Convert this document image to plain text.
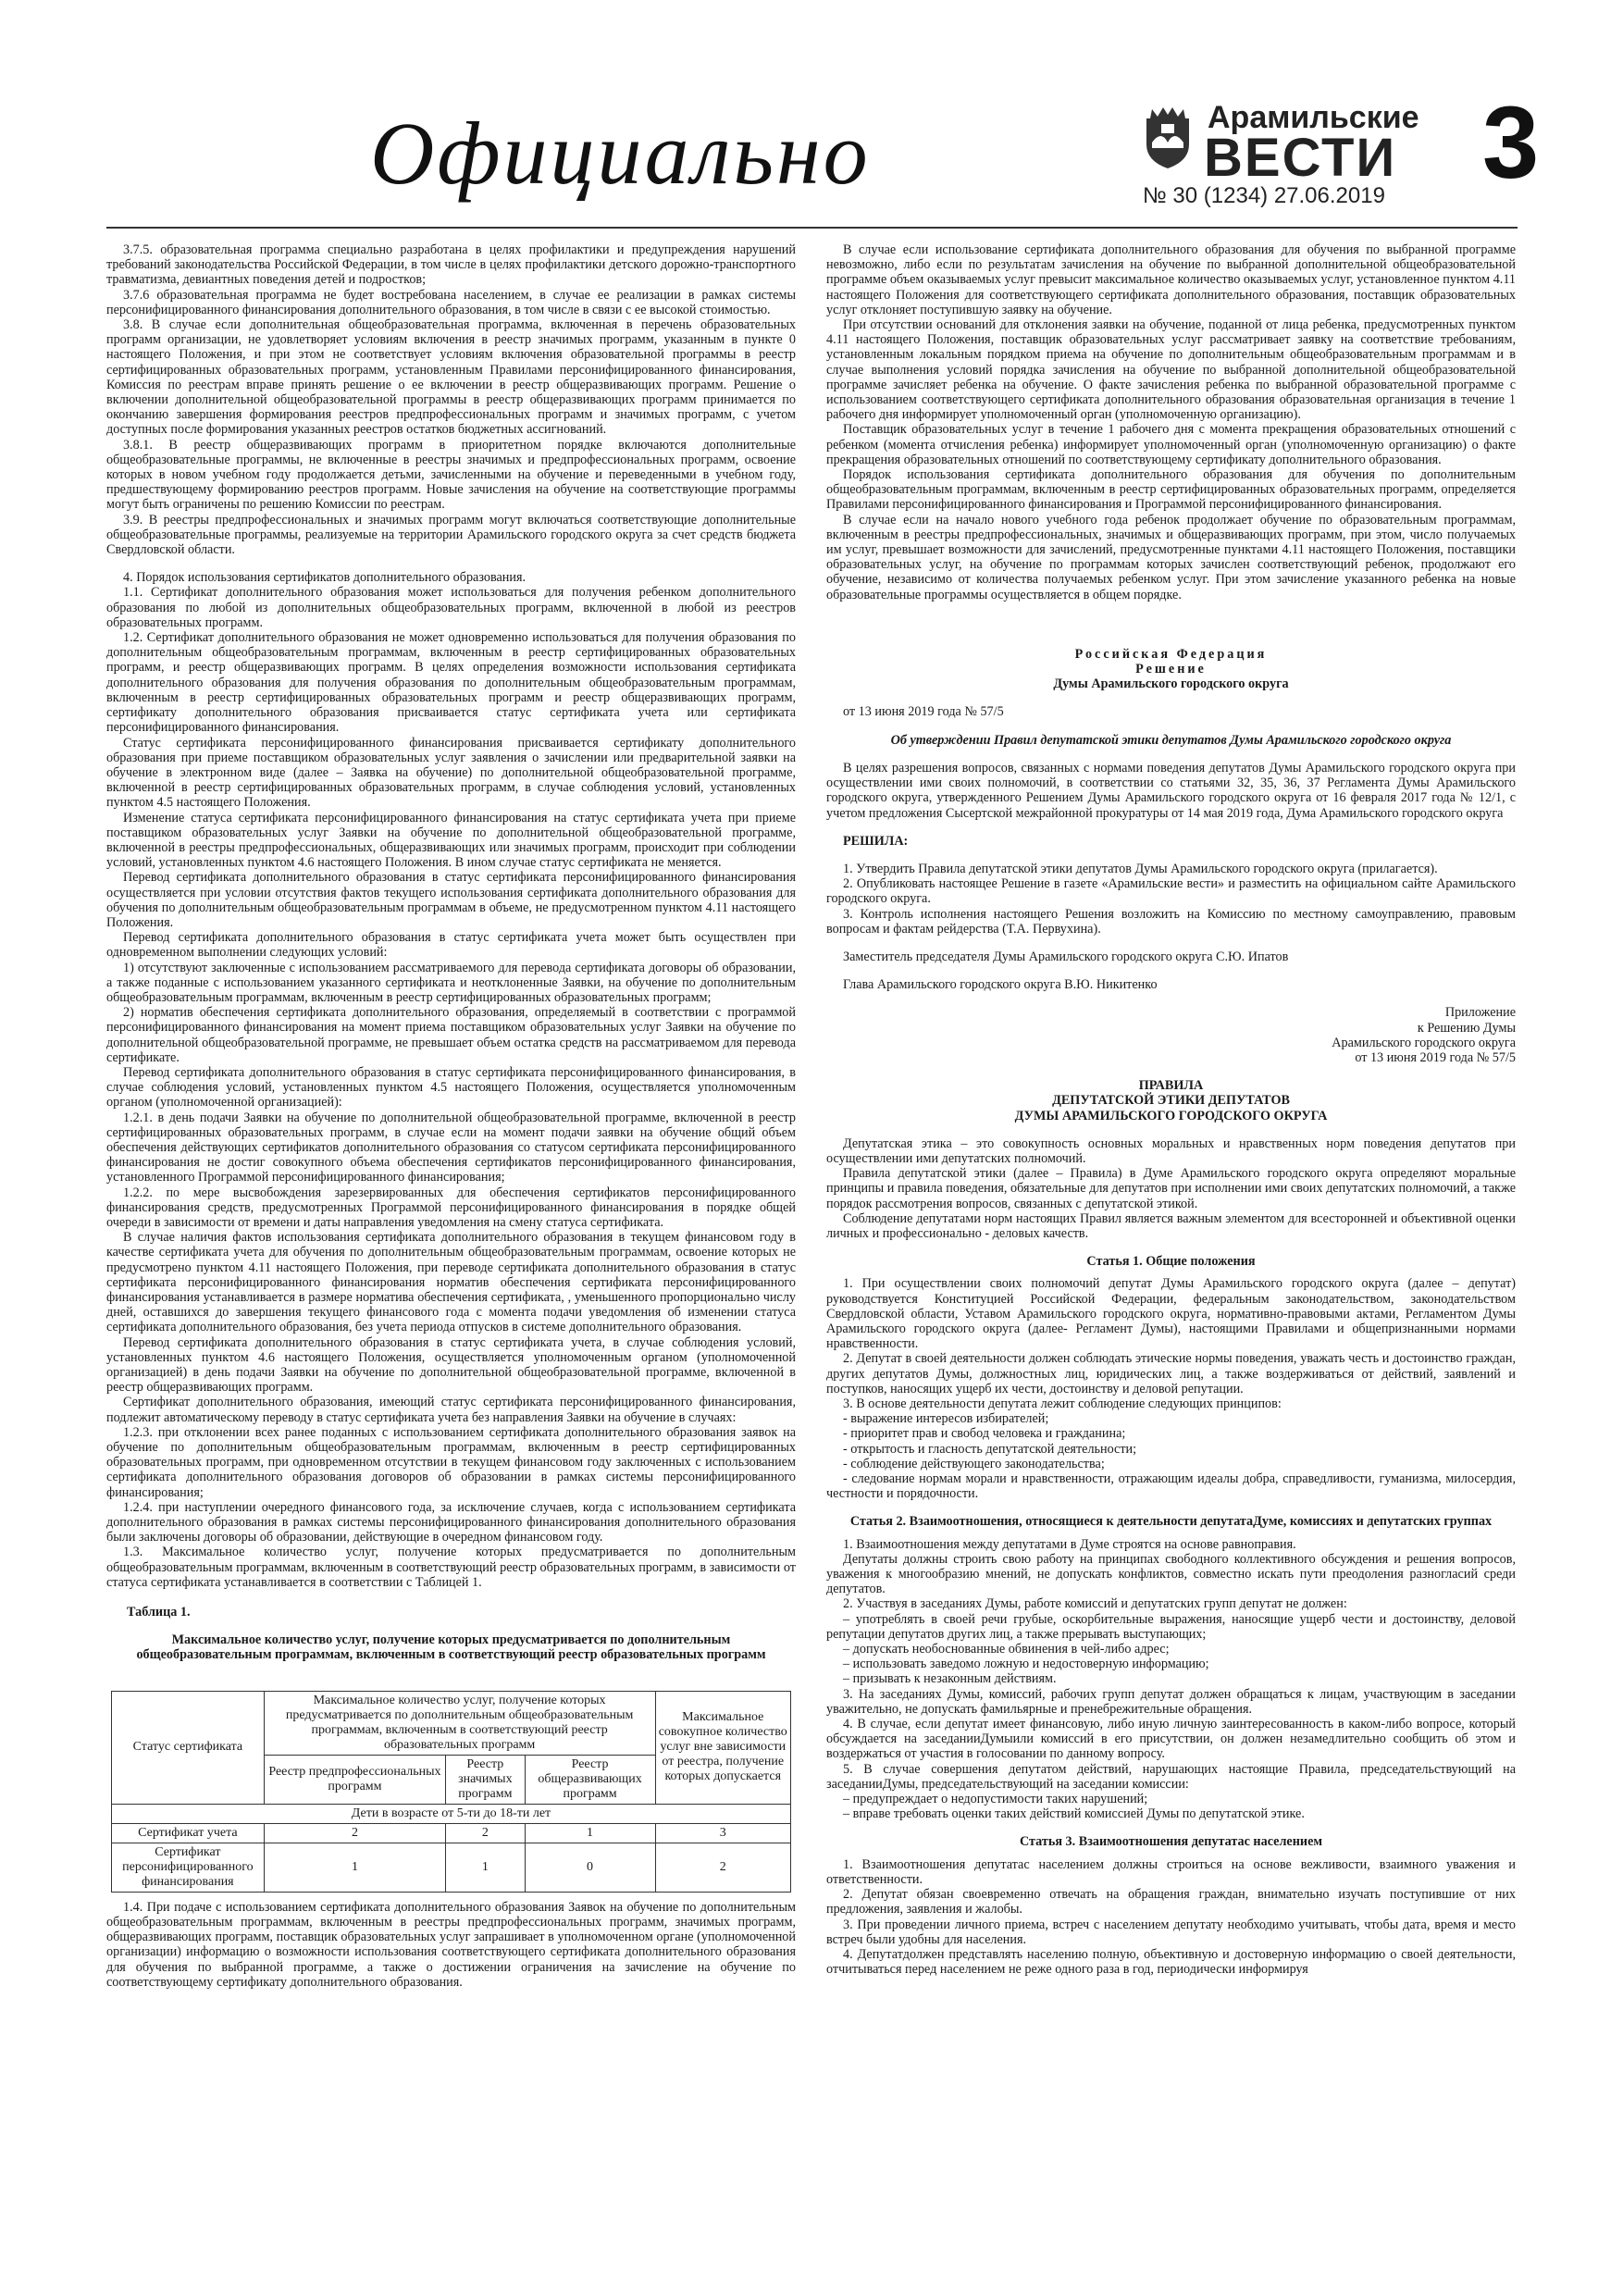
Официально	Арамильские
ВЕСТИ
№ 30 (1234) 27.06.2019 3

3.7.5. образовательная программа специально разработана в целях профилактики и предупреждения нарушений требований законодательства Российской Федерации, в том числе в целях профилактики детского дорожно-транспортного травматизма, девиантных поведения детей и подростков;

3.7.6 образовательная программа не будет востребована населением, в случае ее реализации в рамках системы персонифицированного финансирования дополнительного образования, в том числе в связи с ее высокой стоимостью.

3.8. В случае если дополнительная общеобразовательная программа, включенная в перечень образовательных программ организации, не удовлетворяет условиям включения в реестр значимых программ, указанным в пункте 0 настоящего Положения, и при этом не соответствует условиям включения образовательной программы в реестр сертифицированных образовательных программ, установленным Правилами персонифицированного финансирования, Комиссия по реестрам вправе принять решение о ее включении в реестр общеразвивающих программ. Решение о включении дополнительной общеобразовательной программы в реестр общеразвивающих программ принимается по окончанию завершения формирования реестров предпрофессиональных программ и значимых программ, с учетом доступных после формирования указанных реестров остатков бюджетных ассигнований.

3.8.1. В реестр общеразвивающих программ в приоритетном порядке включаются дополнительные общеобразовательные программы, не включенные в реестры значимых и предпрофессиональных программ, освоение которых в новом учебном году продолжается детьми, зачисленными на обучение и переведенными в учебном году, предшествующему формированию реестров программ. Новые зачисления на обучение на соответствующие программы могут быть ограничены по решению Комиссии по реестрам.

3.9. В реестры предпрофессиональных и значимых программ могут включаться соответствующие дополнительные общеобразовательные программы, реализуемые на территории Арамильского городского округа за счет средств бюджета Свердловской области.

4. Порядок использования сертификатов дополнительного образования.

1.1. Сертификат дополнительного образования может использоваться для получения ребенком дополнительного образования по любой из дополнительных общеобразовательных программ, включенной в любой из реестров образовательных программ.

1.2. Сертификат дополнительного образования не может одновременно использоваться для получения образования по дополнительным общеобразовательным программам, включенным в реестр сертифицированных образовательных программ, и реестр общеразвивающих программ. В целях определения возможности использования сертификата дополнительного образования для получения образования по дополнительным общеобразовательным программам, включенным в реестр сертифицированных образовательных программ и реестр общеразвивающих программ, сертификату дополнительного образования присваивается статус сертификата учета или сертификата персонифицированного финансирования.

Статус сертификата персонифицированного финансирования присваивается сертификату дополнительного образования при приеме поставщиком образовательных услуг заявления о зачислении или предварительной заявки на обучение в электронном виде (далее – Заявка на обучение) по дополнительной общеобразовательной программе, включенной в реестр сертифицированных образовательных программ, в случае соблюдения условий, установленных пунктом 4.5 настоящего Положения.

Изменение статуса сертификата персонифицированного финансирования на статус сертификата учета при приеме поставщиком образовательных услуг Заявки на обучение по дополнительной общеобразовательной программе, включенной в реестры предпрофессиональных, общеразвивающих или значимых программ, происходит при соблюдении условий, установленных пунктом 4.6 настоящего Положения. В ином случае статус сертификата не меняется.

Перевод сертификата дополнительного образования в статус сертификата персонифицированного финансирования осуществляется при условии отсутствия фактов текущего использования сертификата дополнительного образования для обучения по дополнительным общеобразовательным программам в объеме, не предусмотренном пунктом 4.11 настоящего Положения.

Перевод сертификата дополнительного образования в статус сертификата учета может быть осуществлен при одновременном выполнении следующих условий:

1) отсутствуют заключенные с использованием рассматриваемого для перевода сертификата договоры об образовании, а также поданные с использованием указанного сертификата и неотклоненные Заявки, на обучение по дополнительным общеобразовательным программам, включенным в реестр сертифицированных образовательных программ;

2) норматив обеспечения сертификата дополнительного образования, определяемый в соответствии с программой персонифицированного финансирования на момент приема поставщиком образовательных услуг Заявки на обучение по дополнительной общеобразовательной программе, не превышает объем остатка средств на рассматриваемом для перевода сертификате.

Перевод сертификата дополнительного образования в статус сертификата персонифицированного финансирования, в случае соблюдения условий, установленных пунктом 4.5 настоящего Положения, осуществляется уполномоченным органом (уполномоченной организацией):

1.2.1. в день подачи Заявки на обучение по дополнительной общеобразовательной программе, включенной в реестр сертифицированных образовательных программ, в случае если на момент подачи заявки на обучение общий объем обеспечения действующих сертификатов дополнительного образования со статусом сертификата персонифицированного финансирования не достиг совокупного объема обеспечения сертификатов персонифицированного финансирования, установленного Программой персонифицированного финансирования;

1.2.2. по мере высвобождения зарезервированных для обеспечения сертификатов персонифицированного финансирования средств, предусмотренных Программой персонифицированного финансирования в порядке общей очереди в зависимости от времени и даты направления уведомления на смену статуса сертификата.

В случае наличия фактов использования сертификата дополнительного образования в текущем финансовом году в качестве сертификата учета для обучения по дополнительным общеобразовательным программам, освоение которых не предусмотрено пунктом 4.11 настоящего Положения, при переводе сертификата дополнительного образования в статус сертификата персонифицированного финансирования норматив обеспечения сертификата персонифицированного финансирования устанавливается в размере норматива обеспечения сертификата, , уменьшенного пропорционально числу дней, оставшихся до завершения текущего финансового года с момента подачи уведомления об изменении статуса сертификата дополнительного образования, без учета периода отпусков в системе дополнительного образования.

Перевод сертификата дополнительного образования в статус сертификата учета, в случае соблюдения условий, установленных пунктом 4.6 настоящего Положения, осуществляется уполномоченным органом (уполномоченной организацией) в день подачи Заявки на обучение по дополнительной общеобразовательной программе, включенной в реестр общеразвивающих программ.

Сертификат дополнительного образования, имеющий статус сертификата персонифицированного финансирования, подлежит автоматическому переводу в статус сертификата учета без направления Заявки на обучение в случаях:

1.2.3. при отклонении всех ранее поданных с использованием сертификата дополнительного образования заявок на обучение по дополнительным общеобразовательным программам, включенным в реестр сертифицированных образовательных программ, при одновременном отсутствии в текущем финансовом году заключенных с использованием сертификата дополнительного образования договоров об образовании в рамках системы персонифицированного финансирования;

1.2.4. при наступлении очередного финансового года, за исключение случаев, когда с использованием сертификата дополнительного образования в рамках системы персонифицированного финансирования дополнительного образования были заключены договоры об образовании, действующие в очередном финансовом году.

1.3. Максимальное количество услуг, получение которых предусматривается по дополнительным общеобразовательным программам, включенным в соответствующий реестр образовательных программ, в зависимости от статуса сертификата устанавливается в соответствии с Таблицей 1.

Таблица 1.
Максимальное количество услуг, получение которых предусматривается по дополнительным общеобразовательным программам, включенным в соответствующий реестр образовательных программ
Статус сертификата	Максимальное количество услуг, получение которых предусматривается по дополнительным общеобразовательным программам, включенным в соответствующий реестр образовательных программ			Максимальное совокупное количество услуг вне зависимости от реестра, получение которых допускается
	Реестр предпрофессиональных программ	Реестр значимых программ	Реестр общеразвивающих программ	
Дети в возрасте от 5-ти до 18-ти лет				
Сертификат учета	2	2	1	3
Сертификат персонифицированного финансирования	1	1	0	2

1.4. При подаче с использованием сертификата дополнительного образования Заявок на обучение по дополнительным общеобразовательным программам, включенным в реестры предпрофессиональных программ, значимых программ, общеразвивающих программ, поставщик образовательных услуг запрашивает в уполномоченном органе (уполномоченной организации) информацию о возможности использования соответствующего сертификата дополнительного образования для обучения по выбранной программе, а также о достижении ограничения на зачисление на обучение по соответствующему сертификату дополнительного образования.

В случае если использование сертификата дополнительного образования для обучения по выбранной программе невозможно, либо если по результатам зачисления на обучение по выбранной дополнительной общеобразовательной программе объем оказываемых услуг превысит максимальное количество оказываемых услуг, установленное пунктом 4.11 настоящего Положения для соответствующего сертификата дополнительного образования, поставщик образовательных услуг отклоняет поступившую заявку на обучение.

При отсутствии оснований для отклонения заявки на обучение, поданной от лица ребенка, предусмотренных пунктом 4.11 настоящего Положения, поставщик образовательных услуг рассматривает заявку на соответствие требованиям, установленным локальным порядком приема на обучение по дополнительным общеобразовательным программам и в случае выполнения условий порядка зачисления на обучение по выбранной дополнительной общеобразовательной программе зачисляет ребенка на обучение. О факте зачисления ребенка по выбранной образовательной программе с использованием соответствующего сертификата дополнительного образования образовательная организация в течение 1 рабочего дня информирует уполномоченный орган (уполномоченную организацию).

Поставщик образовательных услуг в течение 1 рабочего дня с момента прекращения образовательных отношений с ребенком (момента отчисления ребенка) информирует уполномоченный орган (уполномоченную организацию) о факте прекращения образовательных отношений по соответствующему сертификату дополнительного образования.

Порядок использования сертификата дополнительного образования для обучения по дополнительным общеобразовательным программам, включенным в реестр сертифицированных образовательных программ, определяется Правилами персонифицированного финансирования и Программой персонифицированного финансирования.

В случае если на начало нового учебного года ребенок продолжает обучение по образовательным программам, включенным в реестры предпрофессиональных, значимых и общеразвивающих программ, при этом, число получаемых им услуг, превышает возможности для зачислений, предусмотренные пунктами 4.11 настоящего Положения, поставщики образовательных услуг, на обучение по программам которых зачислен соответствующий ребенок, продолжают его обучение, независимо от количества получаемых ребенком услуг. При этом зачисление указанного ребенка на новые образовательные программы осуществляется в общем порядке.

Российская Федерация

Решение

Думы Арамильского городского округа

от 13 июня 2019 года № 57/5

Об утверждении Правил депутатской этики депутатов Думы Арамильского городского округа

В целях разрешения вопросов, связанных с нормами поведения депутатов Думы Арамильского городского округа при осуществлении ими своих полномочий, в соответствии со статьями 32, 35, 36, 37 Регламента Думы Арамильского городского округа, утвержденного Решением Думы Арамильского городского округа от 16 февраля 2017 года № 12/1, с учетом предложения Сысертской межрайонной прокуратуры от 14 мая 2019 года, Дума Арамильского городского округа

РЕШИЛА:

1. Утвердить Правила депутатской этики депутатов Думы Арамильского городского округа (прилагается).

2. Опубликовать настоящее Решение в газете «Арамильские вести» и разместить на официальном сайте Арамильского городского округа.

3. Контроль исполнения настоящего Решения возложить на Комиссию по местному самоуправлению, правовым вопросам и фактам рейдерства (Т.А. Первухина).

Заместитель председателя Думы Арамильского городского округа С.Ю. Ипатов

Глава Арамильского городского округа В.Ю. Никитенко

Приложение

к Решению Думы

Арамильского городского округа

от 13 июня 2019 года № 57/5

ПРАВИЛА

ДЕПУТАТСКОЙ ЭТИКИ ДЕПУТАТОВ

ДУМЫ АРАМИЛЬСКОГО ГОРОДСКОГО ОКРУГА

Депутатская этика – это совокупность основных моральных и нравственных норм поведения депутатов при осуществлении ими депутатских полномочий.

Правила депутатской этики (далее – Правила) в Думе Арамильского городского округа определяют моральные принципы и правила поведения, обязательные для депутатов при исполнении ими своих депутатских полномочий, а также порядок рассмотрения вопросов, связанных с депутатской этикой.

Соблюдение депутатами норм настоящих Правил является важным элементом для всесторонней и объективной оценки личных и профессионально - деловых качеств.

Статья 1. Общие положения

1. При осуществлении своих полномочий депутат Думы Арамильского городского округа (далее – депутат) руководствуется Конституцией Российской Федерации, федеральным законодательством, законодательством Свердловской области, Уставом Арамильского городского округа, нормативно-правовыми актами, Регламентом Думы Арамильского городского округа (далее- Регламент Думы), настоящими Правилами и общепризнанными нормами нравственности.

2. Депутат в своей деятельности должен соблюдать этические нормы поведения, уважать честь и достоинство граждан, других депутатов Думы, должностных лиц, юридических лиц, а также воздерживаться от действий, заявлений и поступков, наносящих ущерб их чести, достоинству и деловой репутации.

3. В основе деятельности депутата лежит соблюдение следующих принципов:

- выражение интересов избирателей;

- приоритет прав и свобод человека и гражданина;

- открытость и гласность депутатской деятельности;

- соблюдение действующего законодательства;

- следование нормам морали и нравственности, отражающим идеалы добра, справедливости, гуманизма, милосердия, честности и порядочности.

Статья 2. Взаимоотношения, относящиеся к деятельности депутатаДуме, комиссиях и депутатских группах

1. Взаимоотношения между депутатами в Думе строятся на основе равноправия.

Депутаты должны строить свою работу на принципах свободного коллективного обсуждения и решения вопросов, уважения к многообразию мнений, не допускать конфликтов, совместно искать пути преодоления разногласий среди депутатов.

2. Участвуя в заседаниях Думы, работе комиссий и депутатских групп депутат не должен:

– употреблять в своей речи грубые, оскорбительные выражения, наносящие ущерб чести и достоинству, деловой репутации депутатов других лиц, а также прерывать выступающих;

– допускать необоснованные обвинения в чей-либо адрес;

– использовать заведомо ложную и недостоверную информацию;

– призывать к незаконным действиям.

3. На заседаниях Думы, комиссий, рабочих групп депутат должен обращаться к лицам, участвующим в заседании уважительно, не допускать фамильярные и пренебрежительные обращения.

4. В случае, если депутат имеет финансовую, либо иную личную заинтересованность в каком-либо вопросе, который обсуждается на заседанииДумыили комиссий в его присутствии, он должен незамедлительно сообщить об этом и воздержаться от участия в голосовании по данному вопросу.

5. В случае совершения депутатом действий, нарушающих настоящие Правила, председательствующий на заседанииДумы, председательствующий на заседании комиссии:

– предупреждает о недопустимости таких нарушений;

– вправе требовать оценки таких действий комиссией Думы по депутатской этике.

Статья 3. Взаимоотношения депутатас населением

1. Взаимоотношения депутатас населением должны строиться на основе вежливости, взаимного уважения и ответственности.

2. Депутат обязан своевременно отвечать на обращения граждан, внимательно изучать поступившие от них предложения, заявления и жалобы.

3. При проведении личного приема, встреч с населением депутату необходимо учитывать, чтобы дата, время и место встреч были удобны для населения.

4. Депутатдолжен представлять населению полную, объективную и достоверную информацию о своей деятельности, отчитываться перед населением не реже одного раза в год, периодически информируя
